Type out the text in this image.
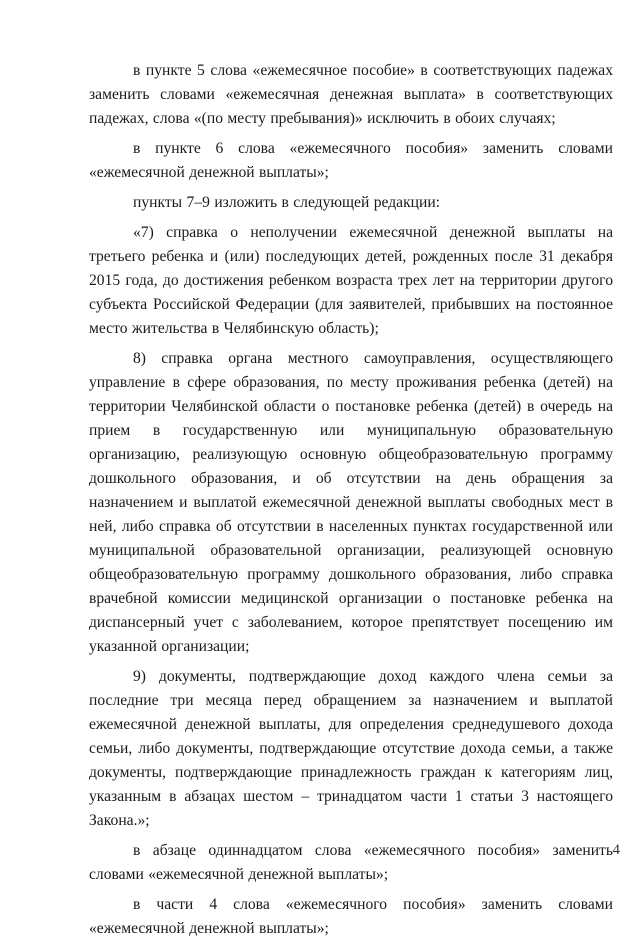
в пункте 5 слова «ежемесячное пособие» в соответствующих падежах заменить словами «ежемесячная денежная выплата» в соответствующих падежах, слова «(по месту пребывания)» исключить в обоих случаях;

в пункте 6 слова «ежемесячного пособия» заменить словами «ежемесячной денежной выплаты»;

пункты 7–9 изложить в следующей редакции:

«7) справка о неполучении ежемесячной денежной выплаты на третьего ребенка и (или) последующих детей, рожденных после 31 декабря 2015 года, до достижения ребенком возраста трех лет на территории другого субъекта Российской Федерации (для заявителей, прибывших на постоянное место жительства в Челябинскую область);

8) справка органа местного самоуправления, осуществляющего управление в сфере образования, по месту проживания ребенка (детей) на территории Челябинской области о постановке ребенка (детей) в очередь на прием в государственную или муниципальную образовательную организацию, реализующую основную общеобразовательную программу дошкольного образования, и об отсутствии на день обращения за назначением и выплатой ежемесячной денежной выплаты свободных мест в ней, либо справка об отсутствии в населенных пунктах государственной или муниципальной образовательной организации, реализующей основную общеобразовательную программу дошкольного образования, либо справка врачебной комиссии медицинской организации о постановке ребенка на диспансерный учет с заболеванием, которое препятствует посещению им указанной организации;

9) документы, подтверждающие доход каждого члена семьи за последние три месяца перед обращением за назначением и выплатой ежемесячной денежной выплаты, для определения среднедушевого дохода семьи, либо документы, подтверждающие отсутствие дохода семьи, а также документы, подтверждающие принадлежность граждан к категориям лиц, указанным в абзацах шестом – тринадцатом части 1 статьи 3 настоящего Закона.»;

в абзаце одиннадцатом слова «ежемесячного пособия» заменить словами «ежемесячной денежной выплаты»;

в части 4 слова «ежемесячного пособия» заменить словами «ежемесячной денежной выплаты»;

4
